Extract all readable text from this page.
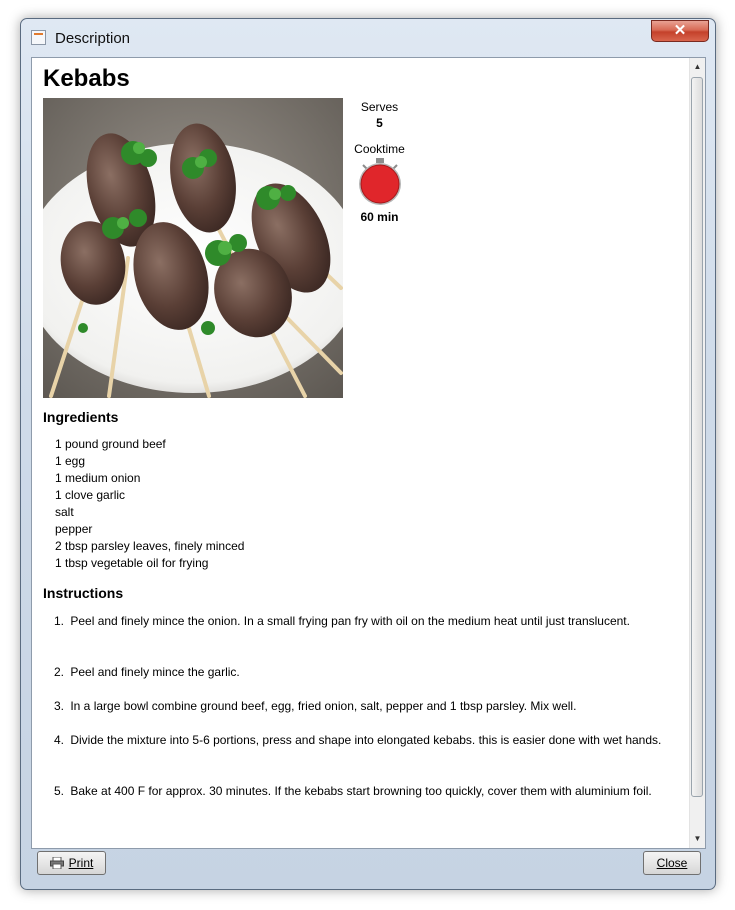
Description	✕
Kebabs
Serves
5
Cooktime
60 min
Ingredients
1 pound ground beef
1 egg
1 medium onion
1 clove garlic
salt
pepper
2 tbsp parsley leaves, finely minced
1 tbsp vegetable oil for frying
Instructions
1. Peel and finely mince the onion. In a small frying pan fry with oil on the medium heat until just translucent.
2. Peel and finely mince the garlic.
3. In a large bowl combine ground beef, egg, fried onion, salt, pepper and 1 tbsp parsley. Mix well.
4. Divide the mixture into 5-6 portions, press and shape into elongated kebabs. this is easier done with wet hands.
5. Bake at 400 F for approx. 30 minutes. If the kebabs start browning too quickly, cover them with aluminium foil.
▲
▼
Print	Close
